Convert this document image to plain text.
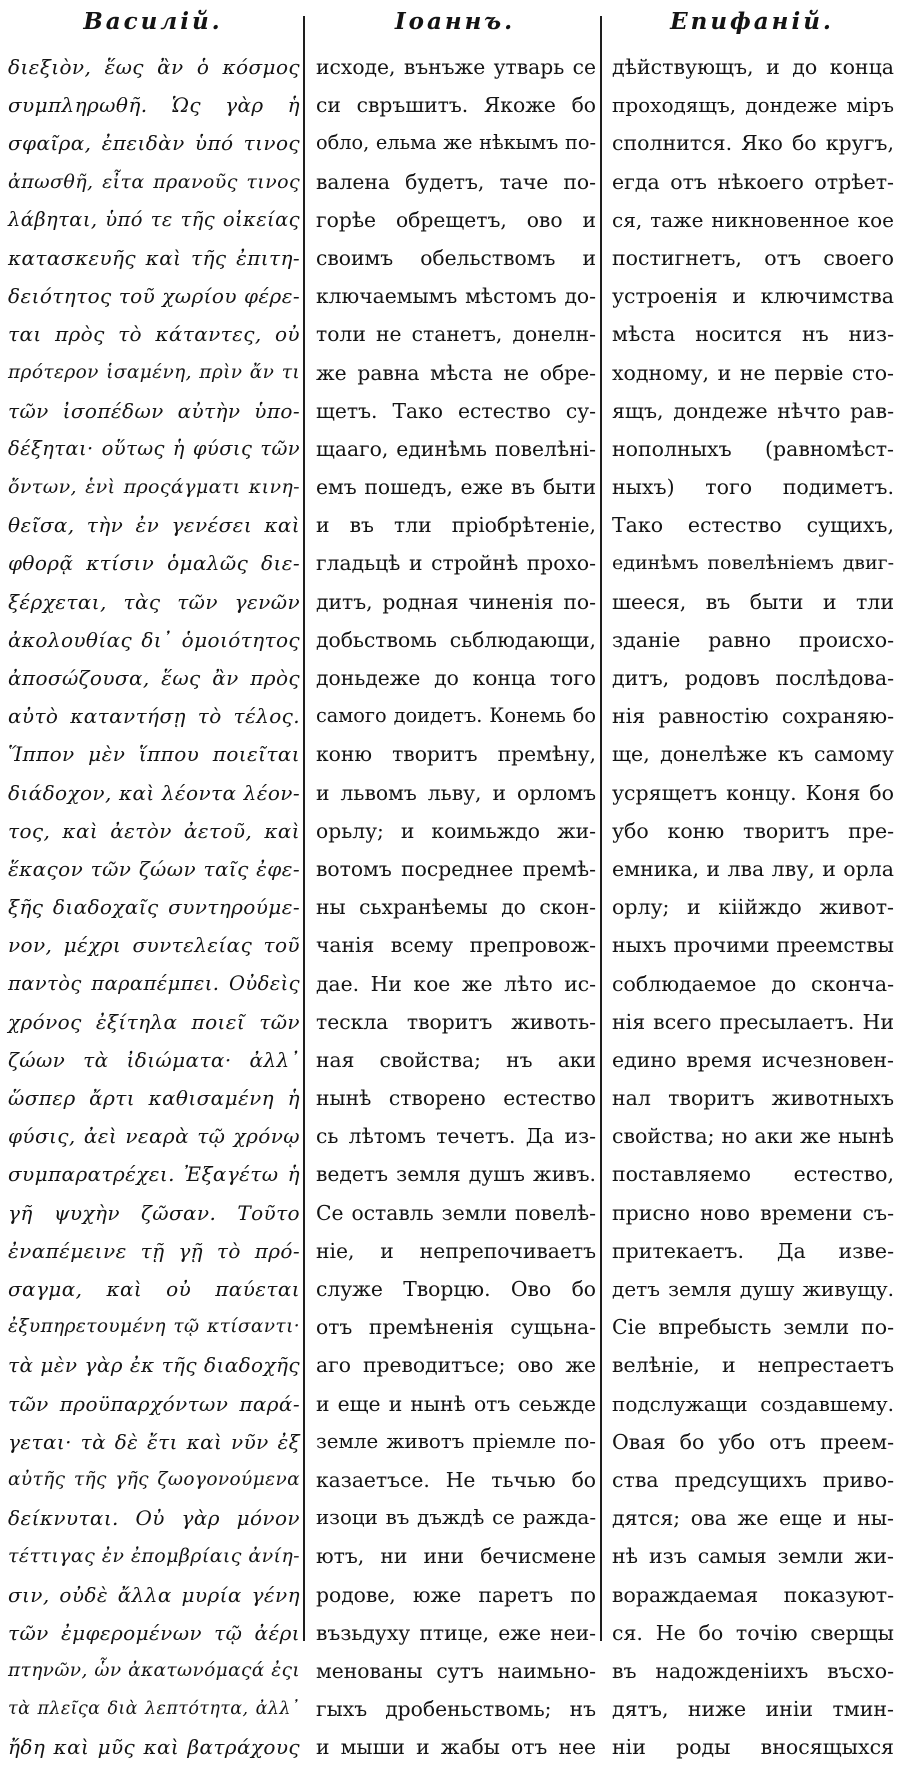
Василій.
διεξιὸν, ἕως ἂν ὁ κόσμος
συμπληρωθῆ. Ὡς γὰρ ἡ
σφαῖρα, ἐπειδὰν ὑπό τινος
ἀπωσθῆ, εἶτα πρανοῦς τινος
λάβηται, ὑπό τε τῆς οἰκείας
κατασκευῆς καὶ τῆς ἐπιτη-
δειότητος τοῦ χωρίου φέρε-
ται πρὸς τὸ κάταντες, οὐ
πρότερον ἱσαμένη, πρὶν ἄν τι
τῶν ἰσοπέδων αὐτὴν ὑπο-
δέξηται· οὕτως ἡ φύσις τῶν
ὄντων, ἑνὶ προςάγματι κινη-
θεῖσα, τὴν ἐν γενέσει καὶ
φθορᾷ κτίσιν ὁμαλῶς διε-
ξέρχεται, τὰς τῶν γενῶν
ἀκολουθίας δι᾽ ὁμοιότητος
ἀποσώζουσα, ἕως ἂν πρὸς
αὐτὸ καταντήσῃ τὸ τέλος.
Ἵππον μὲν ἵππου ποιεῖται
διάδοχον, καὶ λέοντα λέον-
τος, καὶ ἀετὸν ἀετοῦ, καὶ
ἕκαςον τῶν ζώων ταῖς ἐφε-
ξῆς διαδοχαῖς συντηρούμε-
νον, μέχρι συντελείας τοῦ
παντὸς παραπέμπει. Οὐδεὶς
χρόνος ἐξίτηλα ποιεῖ τῶν
ζώων τὰ ἰδιώματα· ἀλλ᾽
ὥσπερ ἄρτι καθισαμένη ἡ
φύσις, ἀεὶ νεαρὰ τῷ χρόνῳ
συμπαρατρέχει. Ἐξαγέτω ἡ
γῆ ψυχὴν ζῶσαν. Τοῦτο
ἐναπέμεινε τῇ γῇ τὸ πρό-
σαγμα, καὶ οὐ παύεται
ἐξυπηρετουμένη τῷ κτίσαντι·
τὰ μὲν γὰρ ἐκ τῆς διαδοχῆς
τῶν προϋπαρχόντων παρά-
γεται· τὰ δὲ ἔτι καὶ νῦν ἐξ
αὐτῆς τῆς γῆς ζωογονούμενα
δείκνυται. Οὐ γὰρ μόνον
τέττιγας ἐν ἐπομβρίαις ἀνίη-
σιν, οὐδὲ ἄλλα μυρία γένη
τῶν ἐμφερομένων τῷ ἀέρι
πτηνῶν, ὧν ἀκατωνόμαςά ἐςι
τὰ πλεῖςα διὰ λεπτότητα, ἀλλ᾽
ἤδη καὶ μῦς καὶ βατράχους
Іоаннъ.
исходе, вънъже утварь се
си свръшитъ. Якоже бо
обло, ельма же нѣкымъ по-
валена будетъ, таче по-
горѣе обрещетъ, ово и
своимъ обельствомъ и
ключаемымъ мѣстомъ до-
толи не станетъ, донелн-
же равна мѣста не обре-
щетъ. Тако естество су-
щааго, единѣмь повелѣні-
емъ пошедъ, еже въ быти
и въ тли пріобрѣтеніе,
гладьцѣ и стройнѣ прохо-
дитъ, родная чиненія по-
добьствомь сьблюдающи,
доньдеже до конца того
самого доидетъ. Конемь бо
коню творитъ премѣну,
и львомъ льву, и орломъ
орьлу; и коимьждо жи-
вотомъ посреднее премѣ-
ны сьхранѣемы до скон-
чанія всему препровож-
дае. Ни кое же лѣто ис-
тескла творитъ животь-
ная свойства; нъ аки
нынѣ створено естество
сь лѣтомъ течетъ. Да из-
ведетъ земля душъ живъ.
Се оставль земли повелѣ-
ніе, и непрепочиваетъ
служе Творцю. Ово бо
отъ премѣненія сущьна-
аго преводитъсе; ово же
и еще и нынѣ отъ сеьжде
земле животъ пріемле по-
казаетъсе. Не тьчью бо
изоци въ дъждѣ се ражда-
ютъ, ни ини бечисмене
родове, юже паретъ по
възьдуху птице, еже неи-
менованы сутъ наимьно-
гыхъ дробеньствомь; нъ
и мыши и жабы отъ нее
Епифаній.
дѣйствующъ, и до конца
проходящъ, дондеже міръ
сполнится. Яко бо кругъ,
егда отъ нѣкоего отрѣет-
ся, таже никновенное кое
постигнетъ, отъ своего
устроенія и ключимства
мѣста носится нъ низ-
ходному, и не первіе сто-
ящъ, дондеже нѣчто рав-
нополныхъ (равномѣст-
ныхъ) того подиметъ.
Тако естество сущихъ,
единѣмъ повелѣніемъ двиг-
шееся, въ быти и тли
зданіе равно происхо-
дитъ, родовъ послѣдова-
нія равностію сохраняю-
ще, донелѣже къ самому
усрящетъ концу. Коня бо
убо коню творитъ пре-
емника, и лва лву, и орла
орлу; и кіійждо живот-
ныхъ прочими преемствы
соблюдаемое до сконча-
нія всего пресылаетъ. Ни
едино время исчезновен-
нал творитъ животныхъ
свойства; но аки же нынѣ
поставляемо естество,
присно ново времени съ-
притекаетъ. Да изве-
детъ земля душу живущу.
Сіе впребысть земли по-
велѣніе, и непрестаетъ
подслужащи создавшему.
Овая бо убо отъ преем-
ства предсущихъ приво-
дятся; ова же еще и ны-
нѣ изъ самыя земли жи-
вораждаемая показуют-
ся. Не бо точію сверщы
въ надожденіихъ въсхо-
дятъ, ниже иніи тмин-
ніи роды вносящыхся
